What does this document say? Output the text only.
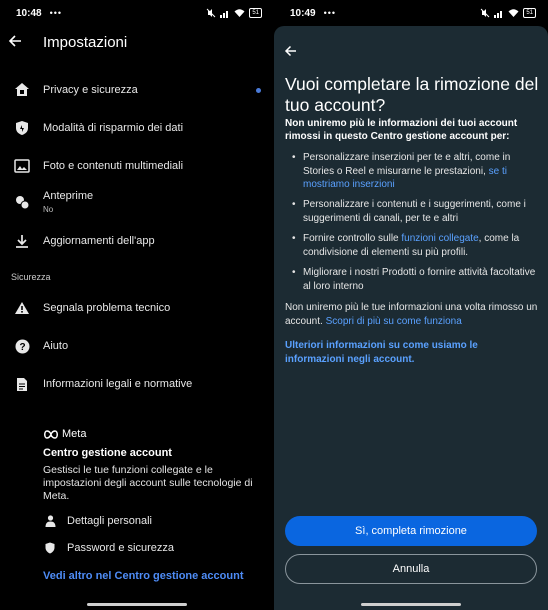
10:48 •••	51
Impostazioni
Privacy e sicurezza
Modalità di risparmio dei dati
Foto e contenuti multimediali
Anteprime
No
Aggiornamenti dell'app
Sicurezza
Segnala problema tecnico
? Aiuto
Informazioni legali e normative
Meta
Centro gestione account
Gestisci le tue funzioni collegate e le impostazioni degli account sulle tecnologie di Meta.
Dettagli personali
Password e sicurezza
Vedi altro nel Centro gestione account
10:49 •••	51
Vuoi completare la rimozione del tuo account?
Non uniremo più le informazioni dei tuoi account rimossi in questo Centro gestione account per:
• Personalizzare inserzioni per te e altri, come in Stories o Reel e misurarne le prestazioni, se ti mostriamo inserzioni
• Personalizzare i contenuti e i suggerimenti, come i suggerimenti di canali, per te e altri
• Fornire controllo sulle funzioni collegate, come la condivisione di elementi su più profili.
• Migliorare i nostri Prodotti o fornire attività facoltative al loro interno
Non uniremo più le tue informazioni una volta rimosso un account. Scopri di più su come funziona
Ulteriori informazioni su come usiamo le informazioni negli account.
Sì, completa rimozione
Annulla
